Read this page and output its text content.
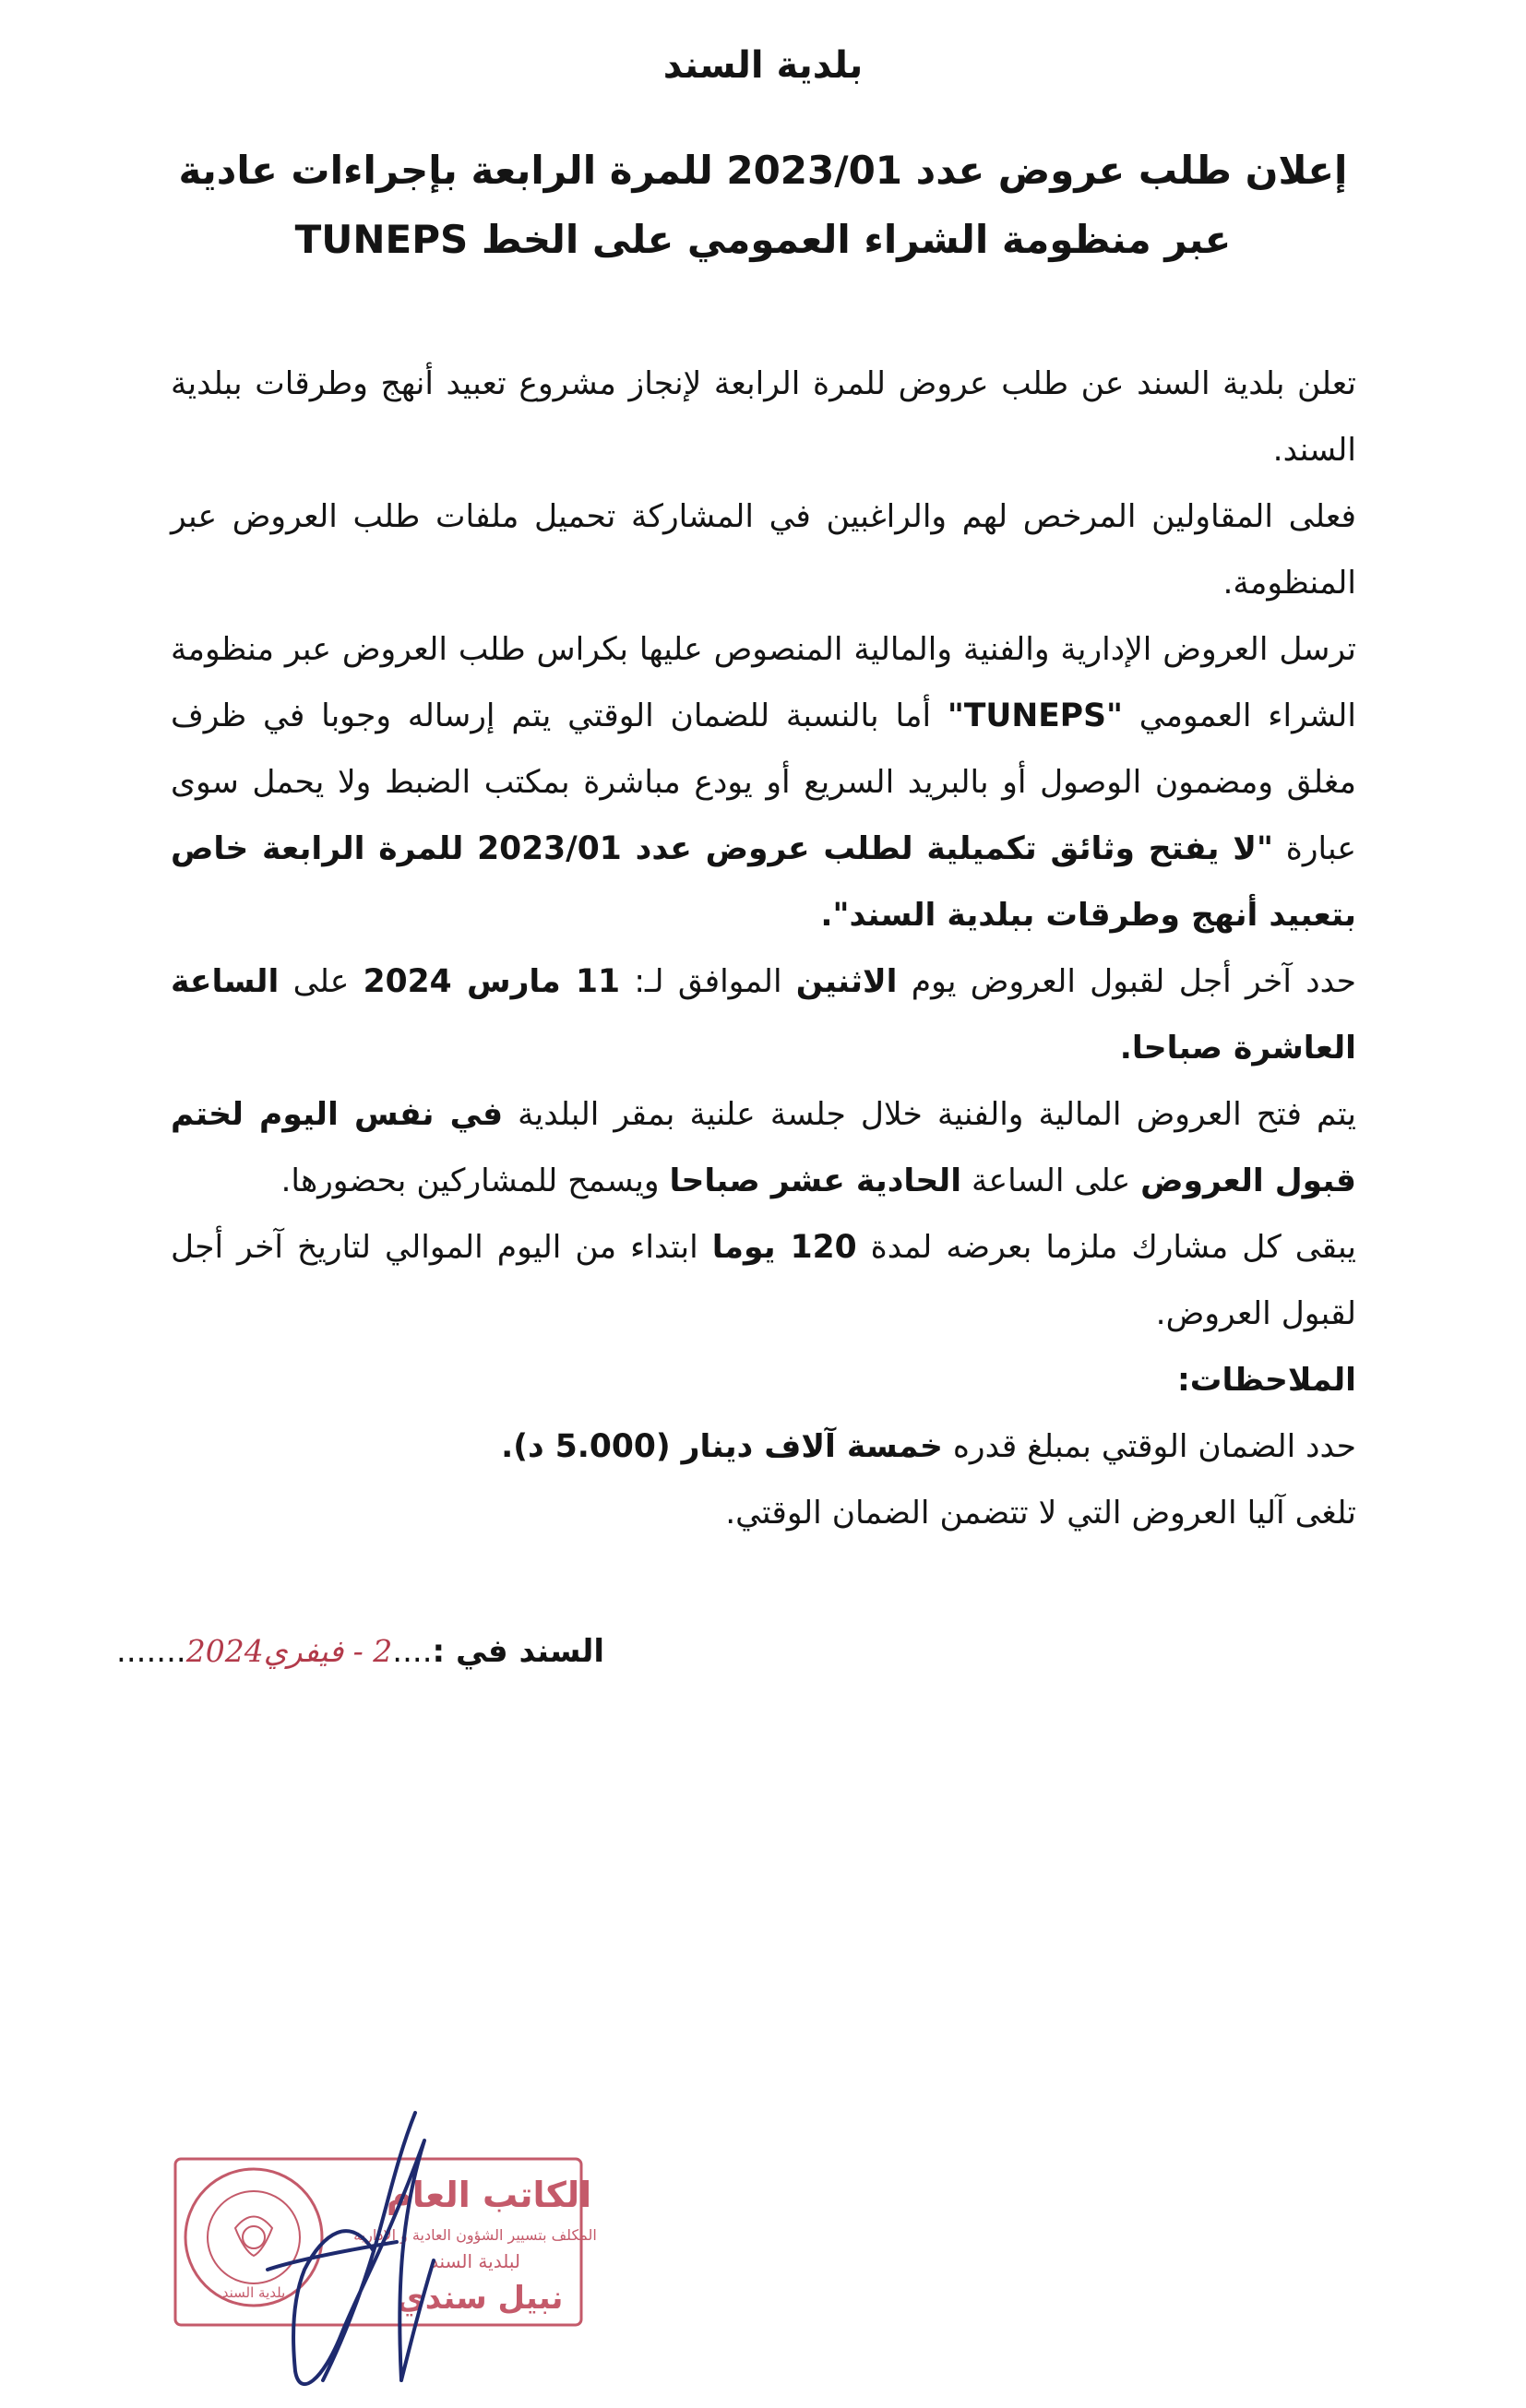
بلدية السند
إعلان طلب عروض عدد 2023/01 للمرة الرابعة بإجراءات عادية
عبر منظومة الشراء العمومي على الخط TUNEPS

تعلن بلدية السند عن طلب عروض للمرة الرابعة لإنجاز مشروع تعبيد أنهج وطرقات ببلدية السند.

فعلى المقاولين المرخص لهم والراغبين في المشاركة تحميل ملفات طلب العروض عبر المنظومة.

ترسل العروض الإدارية والفنية والمالية المنصوص عليها بكراس طلب العروض عبر منظومة الشراء العمومي "TUNEPS" أما بالنسبة للضمان الوقتي يتم إرساله وجوبا في ظرف مغلق ومضمون الوصول أو بالبريد السريع أو يودع مباشرة بمكتب الضبط ولا يحمل سوى عبارة "لا يفتح وثائق تكميلية لطلب عروض عدد 2023/01 للمرة الرابعة خاص بتعبيد أنهج وطرقات ببلدية السند".

حدد آخر أجل لقبول العروض يوم الاثنين الموافق لـ: 11 مارس 2024 على الساعة العاشرة صباحا.

يتم فتح العروض المالية والفنية خلال جلسة علنية بمقر البلدية في نفس اليوم لختم قبول العروض على الساعة الحادية عشر صباحا ويسمح للمشاركين بحضورها.

يبقى كل مشارك ملزما بعرضه لمدة 120 يوما ابتداء من اليوم الموالي لتاريخ آخر أجل لقبول العروض.

الملاحظات:

حدد الضمان الوقتي بمبلغ قدره خمسة آلاف دينار (5.000 د).

تلغى آليا العروض التي لا تتضمن الضمان الوقتي.

السند في :....2 - فيفري2024.......
بلدية السند
الكاتب العام
المكلف بتسيير الشؤون العادية و الإدارية
لبلدية السند
نبيل سندي
